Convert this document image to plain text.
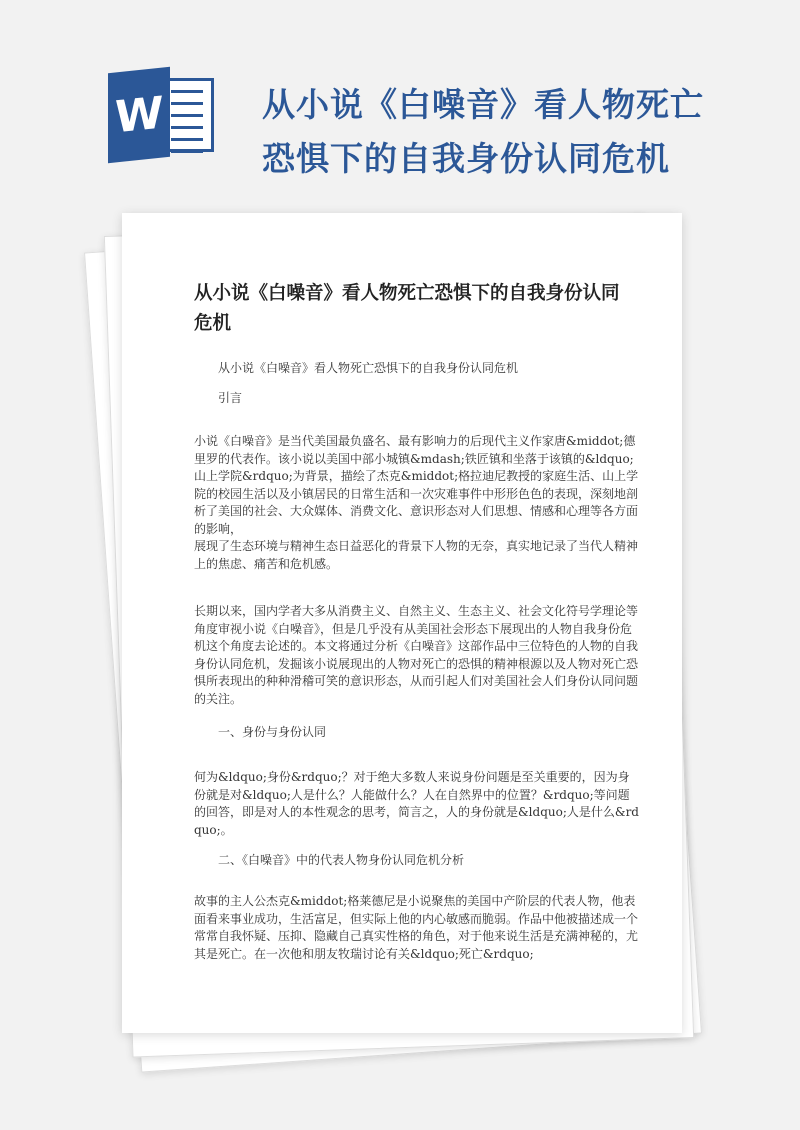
W	从小说《白噪音》看人物死亡
恐惧下的自我身份认同危机
从小说《白噪音》看人物死亡恐惧下的自我身份认同危机
从小说《白噪音》看人物死亡恐惧下的自我身份认同危机
引言

小说《白噪音》是当代美国最负盛名、最有影响力的后现代主义作家唐&middot;德里罗的代表作。该小说以美国中部小城镇&mdash;铁匠镇和坐落于该镇的&ldquo;山上学院&rdquo;为背景，描绘了杰克&middot;格拉迪尼教授的家庭生活、山上学院的校园生活以及小镇居民的日常生活和一次灾难事件中形形色色的表现，深刻地剖析了美国的社会、大众媒体、消费文化、意识形态对人们思想、情感和心理等各方面的影响，

展现了生态环境与精神生态日益恶化的背景下人物的无奈，真实地记录了当代人精神上的焦虑、痛苦和危机感。

长期以来，国内学者大多从消费主义、自然主义、生态主义、社会文化符号学理论等角度审视小说《白噪音》，但是几乎没有从美国社会形态下展现出的人物自我身份危机这个角度去论述的。本文将通过分析《白噪音》这部作品中三位特色的人物的自我身份认同危机，发掘该小说展现出的人物对死亡的恐惧的精神根源以及人物对死亡恐惧所表现出的种种滑稽可笑的意识形态，从而引起人们对美国社会人们身份认同问题的关注。
一、身份与身份认同
何为&ldquo;身份&rdquo;？对于绝大多数人来说身份问题是至关重要的，因为身份就是对&ldquo;人是什么？人能做什么？人在自然界中的位置？&rdquo;等问题的回答，即是对人的本性观念的思考，简言之，人的身份就是&ldquo;人是什么&rdquo;。
二、《白噪音》中的代表人物身份认同危机分析
故事的主人公杰克&middot;格莱德尼是小说聚焦的美国中产阶层的代表人物，他表面看来事业成功，生活富足，但实际上他的内心敏感而脆弱。作品中他被描述成一个常常自我怀疑、压抑、隐藏自己真实性格的角色，对于他来说生活是充满神秘的，尤其是死亡。在一次他和朋友牧瑞讨论有关&ldquo;死亡&rdquo;
